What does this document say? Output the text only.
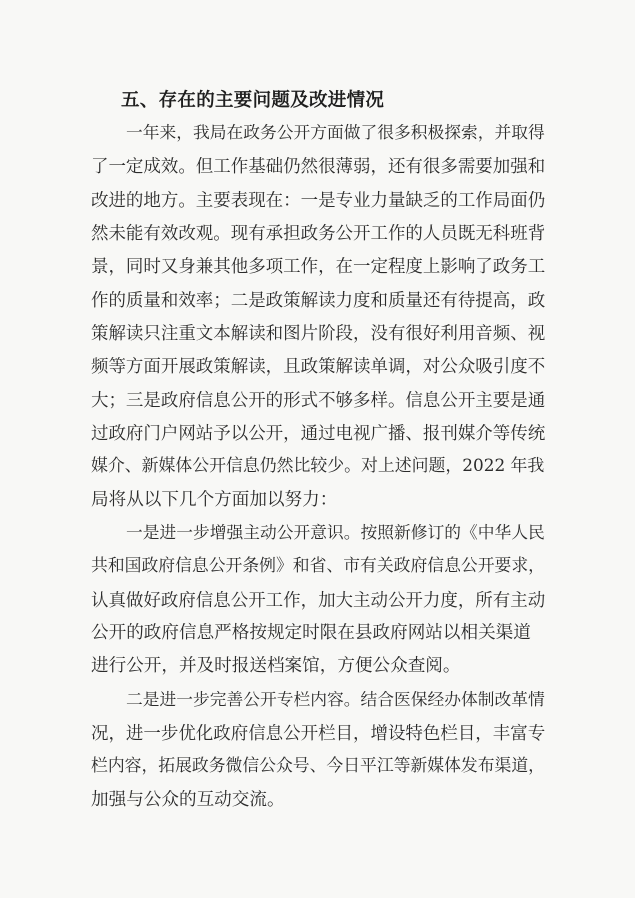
五、存在的主要问题及改进情况
一年来，我局在政务公开方面做了很多积极探索，并取得
了一定成效。但工作基础仍然很薄弱，还有很多需要加强和
改进的地方。主要表现在：一是专业力量缺乏的工作局面仍
然未能有效改观。现有承担政务公开工作的人员既无科班背
景，同时又身兼其他多项工作，在一定程度上影响了政务工
作的质量和效率；二是政策解读力度和质量还有待提高，政
策解读只注重文本解读和图片阶段，没有很好利用音频、视
频等方面开展政策解读，且政策解读单调，对公众吸引度不
大；三是政府信息公开的形式不够多样。信息公开主要是通
过政府门户网站予以公开，通过电视广播、报刊媒介等传统
媒介、新媒体公开信息仍然比较少。对上述问题，2022 年我
局将从以下几个方面加以努力：
一是进一步增强主动公开意识。按照新修订的《中华人民
共和国政府信息公开条例》和省、市有关政府信息公开要求，
认真做好政府信息公开工作，加大主动公开力度，所有主动
公开的政府信息严格按规定时限在县政府网站以相关渠道
进行公开，并及时报送档案馆，方便公众查阅。
二是进一步完善公开专栏内容。结合医保经办体制改革情
况，进一步优化政府信息公开栏目，增设特色栏目，丰富专
栏内容，拓展政务微信公众号、今日平江等新媒体发布渠道，
加强与公众的互动交流。
